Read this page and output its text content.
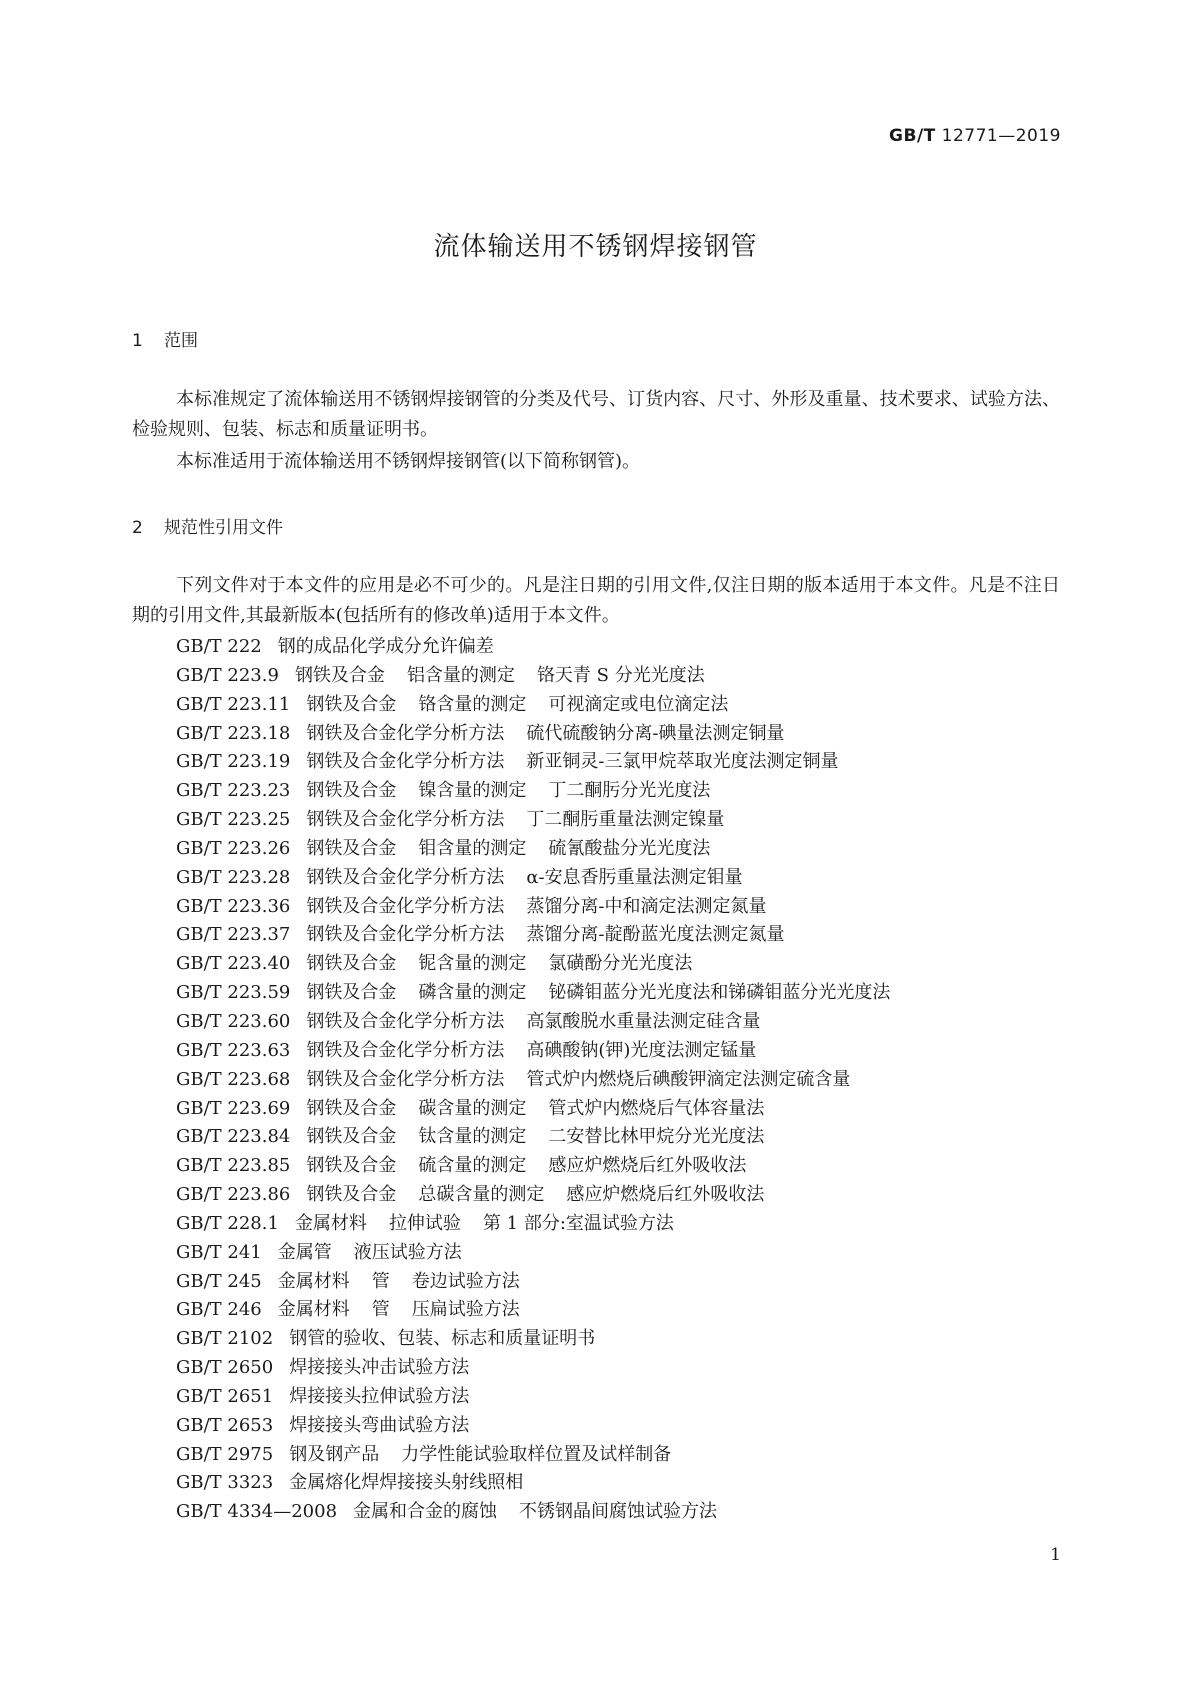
GB/T 12771—2019
流体输送用不锈钢焊接钢管
1 范围
本标准规定了流体输送用不锈钢焊接钢管的分类及代号、订货内容、尺寸、外形及重量、技术要求、试验方法、检验规则、包装、标志和质量证明书。
本标准适用于流体输送用不锈钢焊接钢管(以下简称钢管)。
2 规范性引用文件
下列文件对于本文件的应用是必不可少的。凡是注日期的引用文件,仅注日期的版本适用于本文件。凡是不注日期的引用文件,其最新版本(包括所有的修改单)适用于本文件。
GB/T 222 钢的成品化学成分允许偏差
GB/T 223.9 钢铁及合金 铝含量的测定 铬天青 S 分光光度法
GB/T 223.11 钢铁及合金 铬含量的测定 可视滴定或电位滴定法
GB/T 223.18 钢铁及合金化学分析方法 硫代硫酸钠分离-碘量法测定铜量
GB/T 223.19 钢铁及合金化学分析方法 新亚铜灵-三氯甲烷萃取光度法测定铜量
GB/T 223.23 钢铁及合金 镍含量的测定 丁二酮肟分光光度法
GB/T 223.25 钢铁及合金化学分析方法 丁二酮肟重量法测定镍量
GB/T 223.26 钢铁及合金 钼含量的测定 硫氰酸盐分光光度法
GB/T 223.28 钢铁及合金化学分析方法 α-安息香肟重量法测定钼量
GB/T 223.36 钢铁及合金化学分析方法 蒸馏分离-中和滴定法测定氮量
GB/T 223.37 钢铁及合金化学分析方法 蒸馏分离-靛酚蓝光度法测定氮量
GB/T 223.40 钢铁及合金 铌含量的测定 氯磺酚分光光度法
GB/T 223.59 钢铁及合金 磷含量的测定 铋磷钼蓝分光光度法和锑磷钼蓝分光光度法
GB/T 223.60 钢铁及合金化学分析方法 高氯酸脱水重量法测定硅含量
GB/T 223.63 钢铁及合金化学分析方法 高碘酸钠(钾)光度法测定锰量
GB/T 223.68 钢铁及合金化学分析方法 管式炉内燃烧后碘酸钾滴定法测定硫含量
GB/T 223.69 钢铁及合金 碳含量的测定 管式炉内燃烧后气体容量法
GB/T 223.84 钢铁及合金 钛含量的测定 二安替比林甲烷分光光度法
GB/T 223.85 钢铁及合金 硫含量的测定 感应炉燃烧后红外吸收法
GB/T 223.86 钢铁及合金 总碳含量的测定 感应炉燃烧后红外吸收法
GB/T 228.1 金属材料 拉伸试验 第 1 部分:室温试验方法
GB/T 241 金属管 液压试验方法
GB/T 245 金属材料 管 卷边试验方法
GB/T 246 金属材料 管 压扁试验方法
GB/T 2102 钢管的验收、包装、标志和质量证明书
GB/T 2650 焊接接头冲击试验方法
GB/T 2651 焊接接头拉伸试验方法
GB/T 2653 焊接接头弯曲试验方法
GB/T 2975 钢及钢产品 力学性能试验取样位置及试样制备
GB/T 3323 金属熔化焊焊接接头射线照相
GB/T 4334—2008 金属和合金的腐蚀 不锈钢晶间腐蚀试验方法
1
